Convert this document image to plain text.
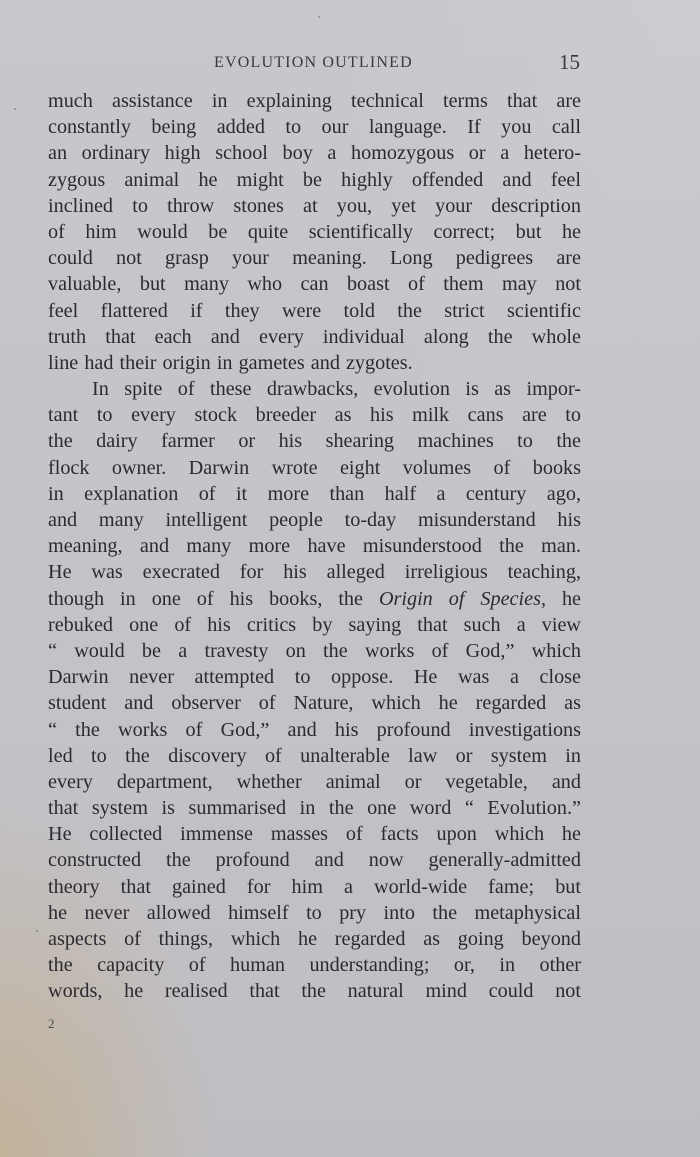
EVOLUTION OUTLINED	15
much assistance in explaining technical terms that are
constantly being added to our language. If you call
an ordinary high school boy a homozygous or a hetero-
zygous animal he might be highly offended and feel
inclined to throw stones at you, yet your description
of him would be quite scientifically correct; but he
could not grasp your meaning. Long pedigrees are
valuable, but many who can boast of them may not
feel flattered if they were told the strict scientific
truth that each and every individual along the whole
line had their origin in gametes and zygotes.
In spite of these drawbacks, evolution is as impor-
tant to every stock breeder as his milk cans are to
the dairy farmer or his shearing machines to the
flock owner. Darwin wrote eight volumes of books
in explanation of it more than half a century ago,
and many intelligent people to-day misunderstand his
meaning, and many more have misunderstood the man.
He was execrated for his alleged irreligious teaching,
though in one of his books, the Origin of Species, he
rebuked one of his critics by saying that such a view
“ would be a travesty on the works of God,” which
Darwin never attempted to oppose. He was a close
student and observer of Nature, which he regarded as
“ the works of God,” and his profound investigations
led to the discovery of unalterable law or system in
every department, whether animal or vegetable, and
that system is summarised in the one word “ Evolution.”
He collected immense masses of facts upon which he
constructed the profound and now generally-admitted
theory that gained for him a world-wide fame; but
he never allowed himself to pry into the metaphysical
aspects of things, which he regarded as going beyond
the capacity of human understanding; or, in other
words, he realised that the natural mind could not
2
